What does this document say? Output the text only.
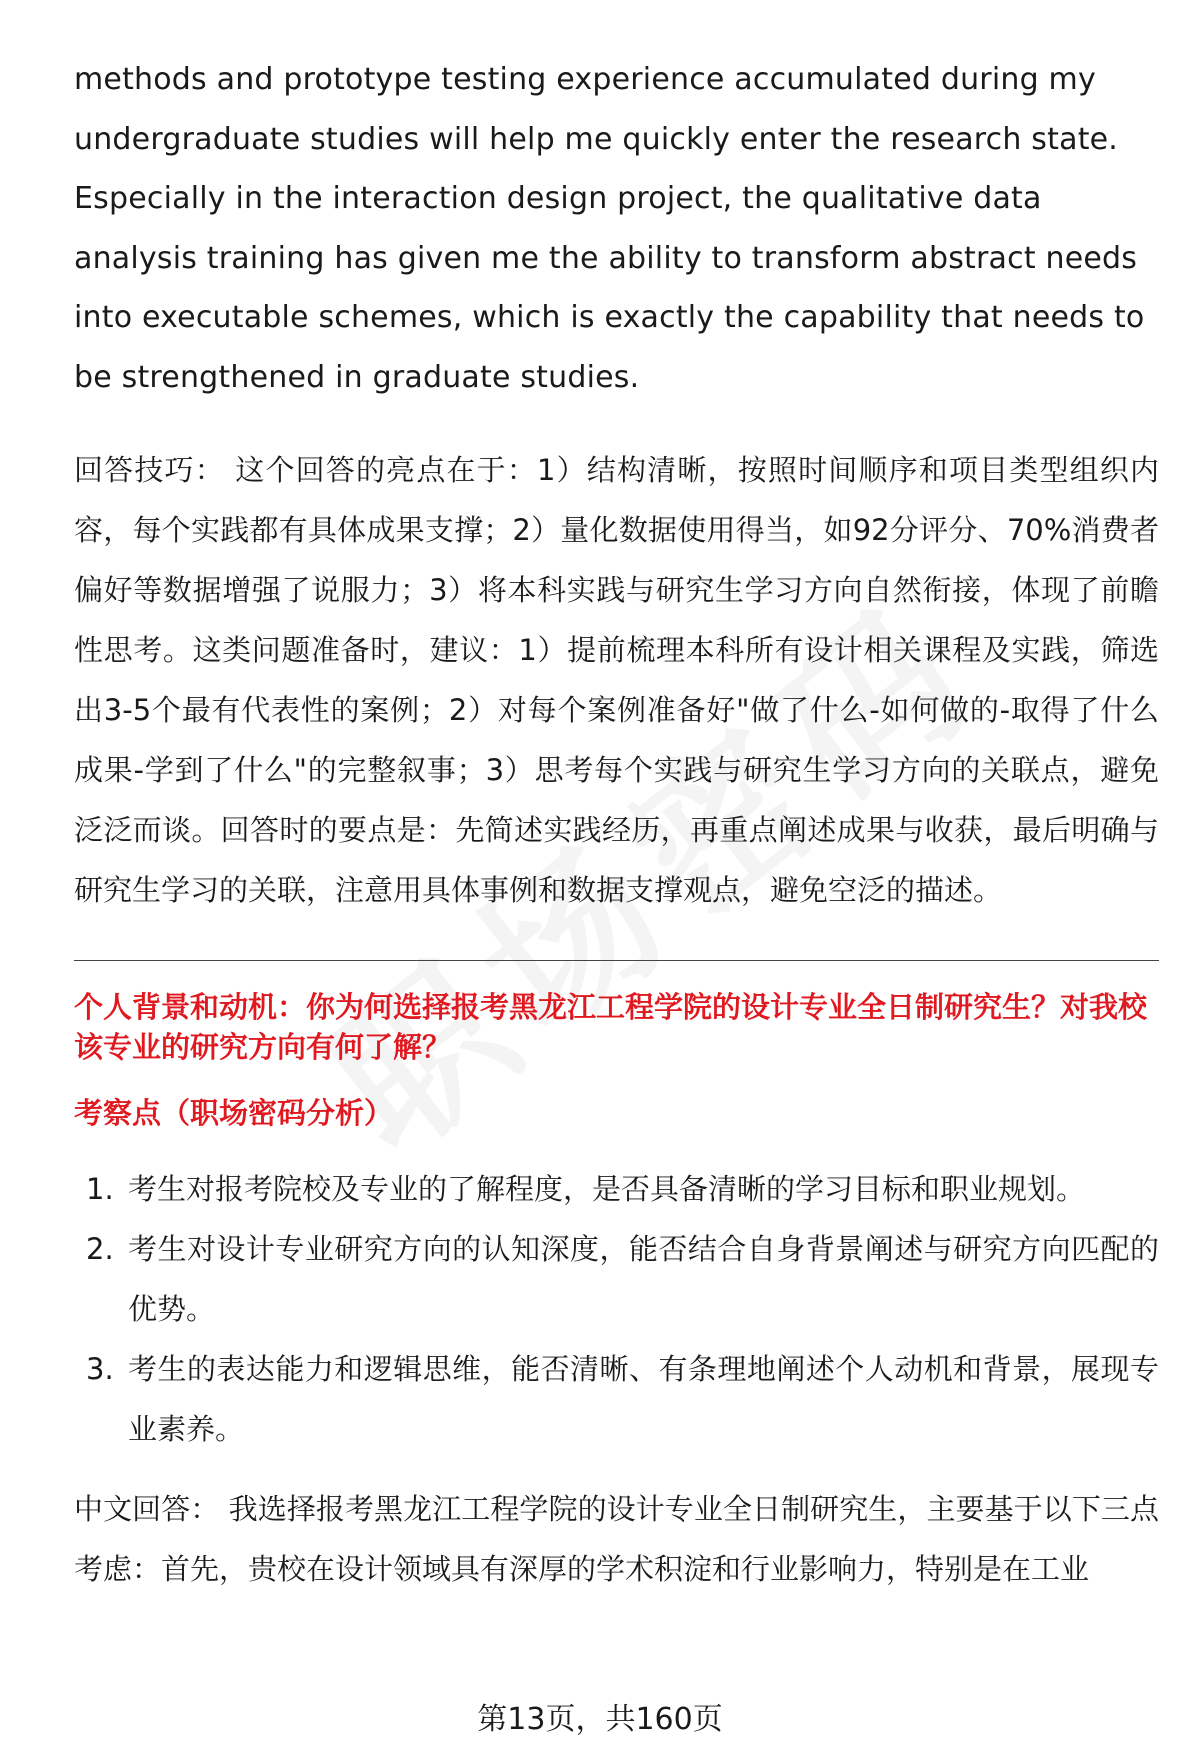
methods and prototype testing experience accumulated during my undergraduate studies will help me quickly enter the research state. Especially in the interaction design project, the qualitative data analysis training has given me the ability to transform abstract needs into executable schemes, which is exactly the capability that needs to be strengthened in graduate studies.

回答技巧： 这个回答的亮点在于：1）结构清晰，按照时间顺序和项目类型组织内容，每个实践都有具体成果支撑；2）量化数据使用得当，如92分评分、70%消费者偏好等数据增强了说服力；3）将本科实践与研究生学习方向自然衔接，体现了前瞻性思考。这类问题准备时，建议：1）提前梳理本科所有设计相关课程及实践，筛选出3-5个最有代表性的案例；2）对每个案例准备好"做了什么-如何做的-取得了什么成果-学到了什么"的完整叙事；3）思考每个实践与研究生学习方向的关联点，避免泛泛而谈。回答时的要点是：先简述实践经历，再重点阐述成果与收获，最后明确与研究生学习的关联，注意用具体事例和数据支撑观点，避免空泛的描述。

个人背景和动机：你为何选择报考黑龙江工程学院的设计专业全日制研究生？对我校该专业的研究方向有何了解？

考察点（职场密码分析）

1. 考生对报考院校及专业的了解程度，是否具备清晰的学习目标和职业规划。
2. 考生对设计专业研究方向的认知深度，能否结合自身背景阐述与研究方向匹配的优势。
3. 考生的表达能力和逻辑思维，能否清晰、有条理地阐述个人动机和背景，展现专业素养。

中文回答： 我选择报考黑龙江工程学院的设计专业全日制研究生，主要基于以下三点考虑：首先，贵校在设计领域具有深厚的学术积淀和行业影响力，特别是在工业

第13页，共160页
